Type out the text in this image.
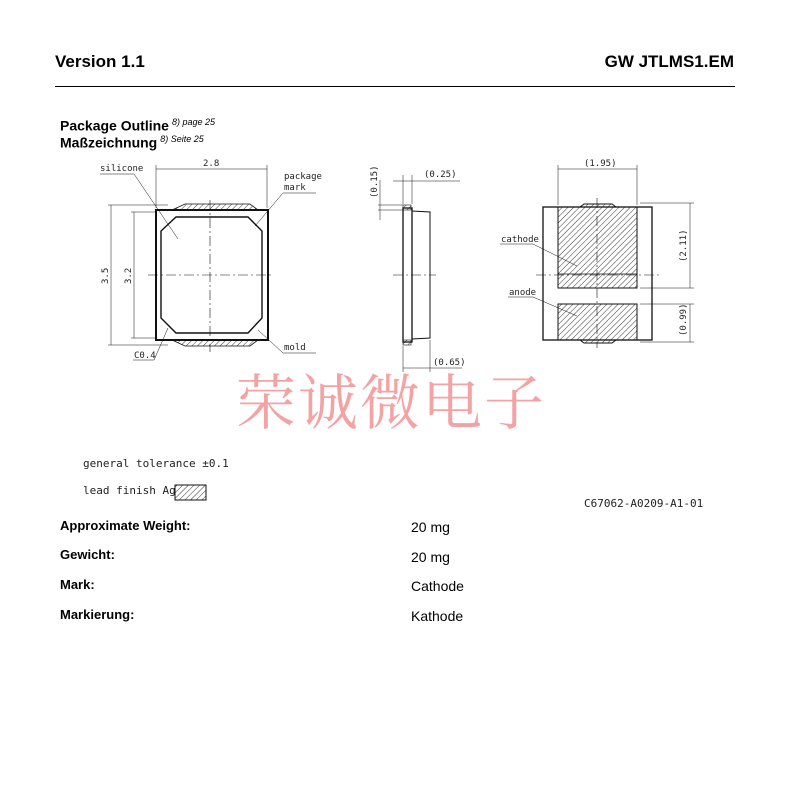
Version 1.1	GW JTLMS1.EM
Package Outline $^{8) page 25}$
Maßzeichnung $^{8) Seite 25}$
2.8
3.5 3.2
silicone
package
mark
mold
C0.4
(0.15)	(0.25)
(0.65)
(1.95)
(2.11)
(0.99)
cathode
anode
荣诚微电子
general tolerance ±0.1
lead finish Ag
C67062-A0209-A1-01
Approximate Weight:	20 mg
Gewicht:	20 mg
Mark:	Cathode
Markierung:	Kathode
